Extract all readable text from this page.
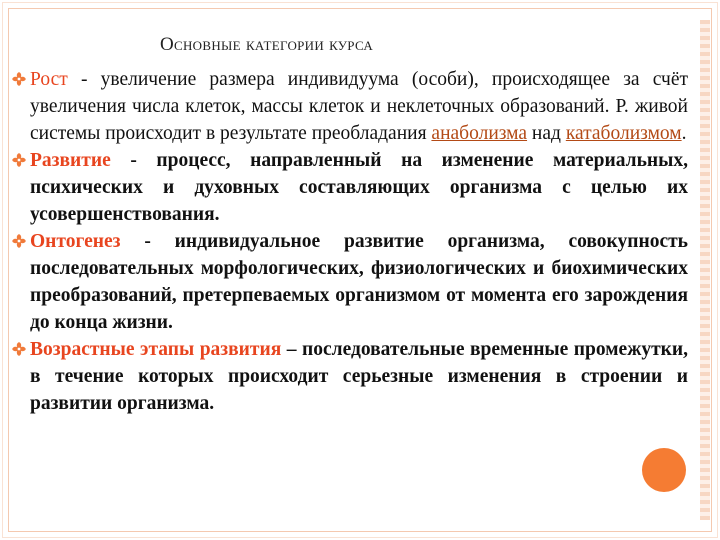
Основные категории курса
Рост - увеличение размера индивидуума (особи), происходящее за счёт увеличения числа клеток, массы клеток и неклеточных образований. Р. живой системы происходит в результате преобладания анаболизма над катаболизмом.
Развитие - процесс, направленный на изменение материальных, психических и духовных составляющих организма с целью их усовершенствования.
Онтогенез - индивидуальное развитие организма, совокупность последовательных морфологических, физиологических и биохимических преобразований, претерпеваемых организмом от момента его зарождения до конца жизни.
Возрастные этапы развития – последовательные временные промежутки, в течение которых происходит серьезные изменения в строении и развитии организма.
